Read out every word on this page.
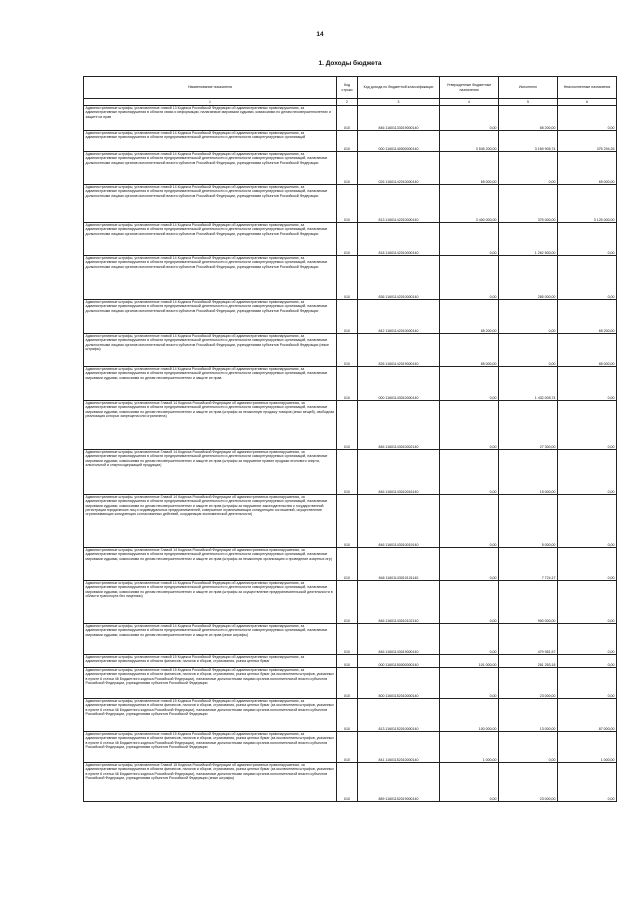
14
1. Доходы бюджета
Наименование показателя	Код строки	Код дохода по бюджетной классификации	Утвержденные бюджетные назначения	Исполнено	Неисполненные назначения
1	2	3	4	5	6
Административные штрафы, установленные главой 13 Кодекса Российской Федерации об административных правонарушениях, за административные правонарушения в области связи и информации, налагаемые мировыми судьями, комиссиями по делам несовершеннолетних и защите их прав	010	846 11601133019000140	0,00	85 200,00	0,00
Административные штрафы, установленные главой 14 Кодекса Российской Федерации об административных правонарушениях, за административные правонарушения в области предпринимательской деятельности и деятельности саморегулируемых организаций	010	000 11601140000000140	3 545 200,00	3 169 905,74	375 294,26
Административные штрафы, установленные главой 14 Кодекса Российской Федерации об административных правонарушениях, за административные правонарушения в области предпринимательской деятельности и деятельности саморегулируемых организаций, налагаемые должностными лицами органов исполнительной власти субъектов Российской Федерации, учреждениями субъектов Российской Федерации	010	026 11601142010000140	65 000,00	0,00	65 000,00
Административные штрафы, установленные главой 14 Кодекса Российской Федерации об административных правонарушениях, за административные правонарушения в области предпринимательской деятельности и деятельности саморегулируемых организаций, налагаемые должностными лицами органов исполнительной власти субъектов Российской Федерации, учреждениями субъектов Российской Федерации	010	813 11601142010000140	3 400 000,00	375 000,00	3 125 000,00
Административные штрафы, установленные главой 14 Кодекса Российской Федерации об административных правонарушениях, за административные правонарушения в области предпринимательской деятельности и деятельности саморегулируемых организаций, налагаемые должностными лицами органов исполнительной власти субъектов Российской Федерации, учреждениями субъектов Российской Федерации	010	818 11601142010000140	0,00	1 262 500,00	0,00
Административные штрафы, установленные главой 14 Кодекса Российской Федерации об административных правонарушениях, за административные правонарушения в области предпринимательской деятельности и деятельности саморегулируемых организаций, налагаемые должностными лицами органов исполнительной власти субъектов Российской Федерации, учреждениями субъектов Российской Федерации	010	836 11601142010000140	0,00	265 000,00	0,00
Административные штрафы, установленные главой 14 Кодекса Российской Федерации об административных правонарушениях, за административные правонарушения в области предпринимательской деятельности и деятельности саморегулируемых организаций, налагаемые должностными лицами органов исполнительной власти субъектов Российской Федерации, учреждениями субъектов Российской Федерации	010	842 11601142010000140	65 200,00	0,00	65 200,00
Административные штрафы, установленные главой 14 Кодекса Российской Федерации об административных правонарушениях, за административные правонарушения в области предпринимательской деятельности и деятельности саморегулируемых организаций, налагаемые должностными лицами органов исполнительной власти субъектов Российской Федерации, учреждениями субъектов Российской Федерации (иные штрафы)	010	826 11601142019000140	85 000,00	0,00	85 000,00
Административные штрафы, установленные главой 14 Кодекса Российской Федерации об административных правонарушениях, за административные правонарушения в области предпринимательской деятельности и деятельности саморегулируемых организаций, налагаемые мировыми судьями, комиссиями по делам несовершеннолетних и защите их прав	010	000 11601143010000140	0,00	1 432 005,74	0,00
Административные штрафы, установленные Главой 14 Кодекса Российской Федерации об административных правонарушениях, за административные правонарушения в области предпринимательской деятельности и деятельности саморегулируемых организаций, налагаемые мировыми судьями, комиссиями по делам несовершеннолетних и защите их прав (штрафы за незаконную продажу товаров (иных вещей), свободная реализация которых запрещена или ограничена)	010	846 11601143010002140	0,00	27 300,00	0,00
Административные штрафы, установленные Главой 14 Кодекса Российской Федерации об административных правонарушениях, за административные правонарушения в области предпринимательской деятельности и деятельности саморегулируемых организаций, налагаемые мировыми судьями, комиссиями по делам несовершеннолетних и защите их прав (штрафы за нарушение правил продажи этилового спирта, алкогольной и спиртосодержащей продукции)	010	846 11601143010016140	0,00	15 000,00	0,00
Административные штрафы, установленные Главой 14 Кодекса Российской Федерации об административных правонарушениях, за административные правонарушения в области предпринимательской деятельности и деятельности саморегулируемых организаций, налагаемые мировыми судьями, комиссиями по делам несовершеннолетних и защите их прав (штрафы за нарушение законодательства о государственной регистрации юридических лиц и индивидуальных предпринимателей, совершение ограничивающих конкуренцию соглашений, осуществление ограничивающих конкуренцию согласованных действий, координация экономической деятельности)	010	846 11601143010019140	0,00	5 000,00	0,00
Административные штрафы, установленные Главой 14 Кодекса Российской Федерации об административных правонарушениях, за административные правонарушения в области предпринимательской деятельности и деятельности саморегулируемых организаций, налагаемые мировыми судьями, комиссиями по делам несовершеннолетних и защите их прав (штрафы за незаконную организацию и проведение азартных игр)	010	846 11601143010101140	0,00	7 724,17	0,00
Административные штрафы, установленные главой 14 Кодекса Российской Федерации об административных правонарушениях, за административные правонарушения в области предпринимательской деятельности и деятельности саморегулируемых организаций, налагаемые мировыми судьями, комиссиями по делам несовершеннолетних и защите их прав (штрафы за осуществление предпринимательской деятельности в области транспорта без лицензии)	010	846 11601143010102140	0,00	900 000,00	0,00
Административные штрафы, установленные главой 14 Кодекса Российской Федерации об административных правонарушениях, за административные правонарушения в области предпринимательской деятельности и деятельности саморегулируемых организаций, налагаемые мировыми судьями, комиссиями по делам несовершеннолетних и защите их прав (иные штрафы)	010	846 11601143019000140	0,00	479 981,57	0,00
Административные штрафы, установленные главой 15 Кодекса Российской Федерации об административных правонарушениях, за административные правонарушения в области финансов, налогов и сборов, страхования, рынка ценных бумаг	010	000 11601150000000140	101 000,00	261 263,18	0,00
Административные штрафы, установленные главой 15 Кодекса Российской Федерации об административных правонарушениях, за административные правонарушения в области финансов, налогов и сборов, страхования, рынка ценных бумаг (за исключением штрафов, указанных в пункте 6 статьи 46 Бюджетного кодекса Российской Федерации), налагаемые должностными лицами органов исполнительной власти субъектов Российской Федерации, учреждениями субъектов Российской Федерации	010	800 11601152010000140	0,00	23 000,00	0,00
Административные штрафы, установленные главой 15 Кодекса Российской Федерации об административных правонарушениях, за административные правонарушения в области финансов, налогов и сборов, страхования, рынка ценных бумаг (за исключением штрафов, указанных в пункте 6 статьи 46 Бюджетного кодекса Российской Федерации), налагаемые должностными лицами органов исполнительной власти субъектов Российской Федерации, учреждениями субъектов Российской Федерации	010	813 11601152010000140	100 000,00	13 000,00	87 000,00
Административные штрафы, установленные главой 15 Кодекса Российской Федерации об административных правонарушениях, за административные правонарушения в области финансов, налогов и сборов, страхования, рынка ценных бумаг (за исключением штрафов, указанных в пункте 6 статьи 46 Бюджетного кодекса Российской Федерации), налагаемые должностными лицами органов исполнительной власти субъектов Российской Федерации, учреждениями субъектов Российской Федерации	010	841 11601152010000140	1 000,00	0,00	1 000,00
Административные штрафы, установленные Главой 15 Кодекса Российской Федерации об административных правонарушениях, за административные правонарушения в области финансов, налогов и сборов, страхования, рынка ценных бумаг (за исключением штрафов, указанных в пункте 6 статьи 46 Бюджетного кодекса Российской Федерации), налагаемые должностными лицами органов исполнительной власти субъектов Российской Федерации, учреждениями субъектов Российской Федерации (иные штрафы)	010	889 11601152019000140	0,00	23 000,00	0,00
